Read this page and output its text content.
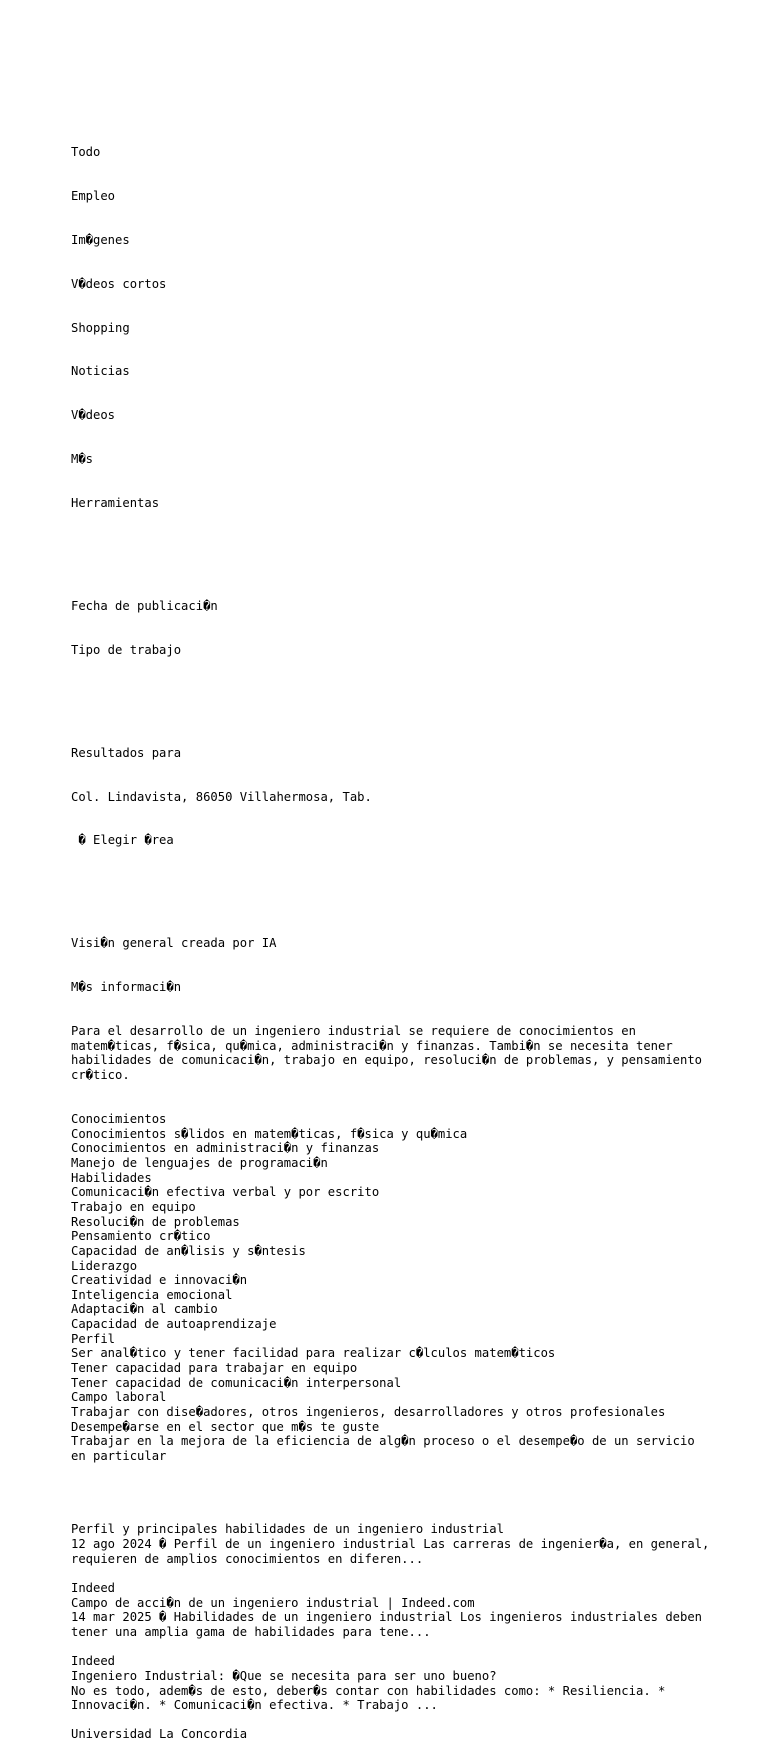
Todo

Empleo

Im�genes

V�deos cortos

Shopping

Noticias

V�deos

M�s

Herramientas

Fecha de publicaci�n

Tipo de trabajo

Resultados para

Col. Lindavista, 86050 Villahermosa, Tab.

� Elegir �rea

Visi�n general creada por IA

M�s informaci�n

Para el desarrollo de un ingeniero industrial se requiere de conocimientos en matem�ticas, f�sica, qu�mica, administraci�n y finanzas. Tambi�n se necesita tener habilidades de comunicaci�n, trabajo en equipo, resoluci�n de problemas, y pensamiento cr�tico.

Conocimientos
Conocimientos s�lidos en matem�ticas, f�sica y qu�mica
Conocimientos en administraci�n y finanzas
Manejo de lenguajes de programaci�n
Habilidades
Comunicaci�n efectiva verbal y por escrito
Trabajo en equipo
Resoluci�n de problemas
Pensamiento cr�tico
Capacidad de an�lisis y s�ntesis
Liderazgo
Creatividad e innovaci�n
Inteligencia emocional
Adaptaci�n al cambio
Capacidad de autoaprendizaje
Perfil
Ser anal�tico y tener facilidad para realizar c�lculos matem�ticos
Tener capacidad para trabajar en equipo
Tener capacidad de comunicaci�n interpersonal
Campo laboral
Trabajar con dise�adores, otros ingenieros, desarrolladores y otros profesionales
Desempe�arse en el sector que m�s te guste
Trabajar en la mejora de la eficiencia de alg�n proceso o el desempe�o de un servicio en particular

Perfil y principales habilidades de un ingeniero industrial
12 ago 2024 � Perfil de un ingeniero industrial Las carreras de ingenier�a, en general, requieren de amplios conocimientos en diferen...
Indeed
Campo de acci�n de un ingeniero industrial | Indeed.com
14 mar 2025 � Habilidades de un ingeniero industrial Los ingenieros industriales deben tener una amplia gama de habilidades para tene...
Indeed
Ingeniero Industrial: �Que se necesita para ser uno bueno?
No es todo, adem�s de esto, deber�s contar con habilidades como: * Resiliencia. * Innovaci�n. * Comunicaci�n efectiva. * Trabajo ...
Universidad La Concordia
